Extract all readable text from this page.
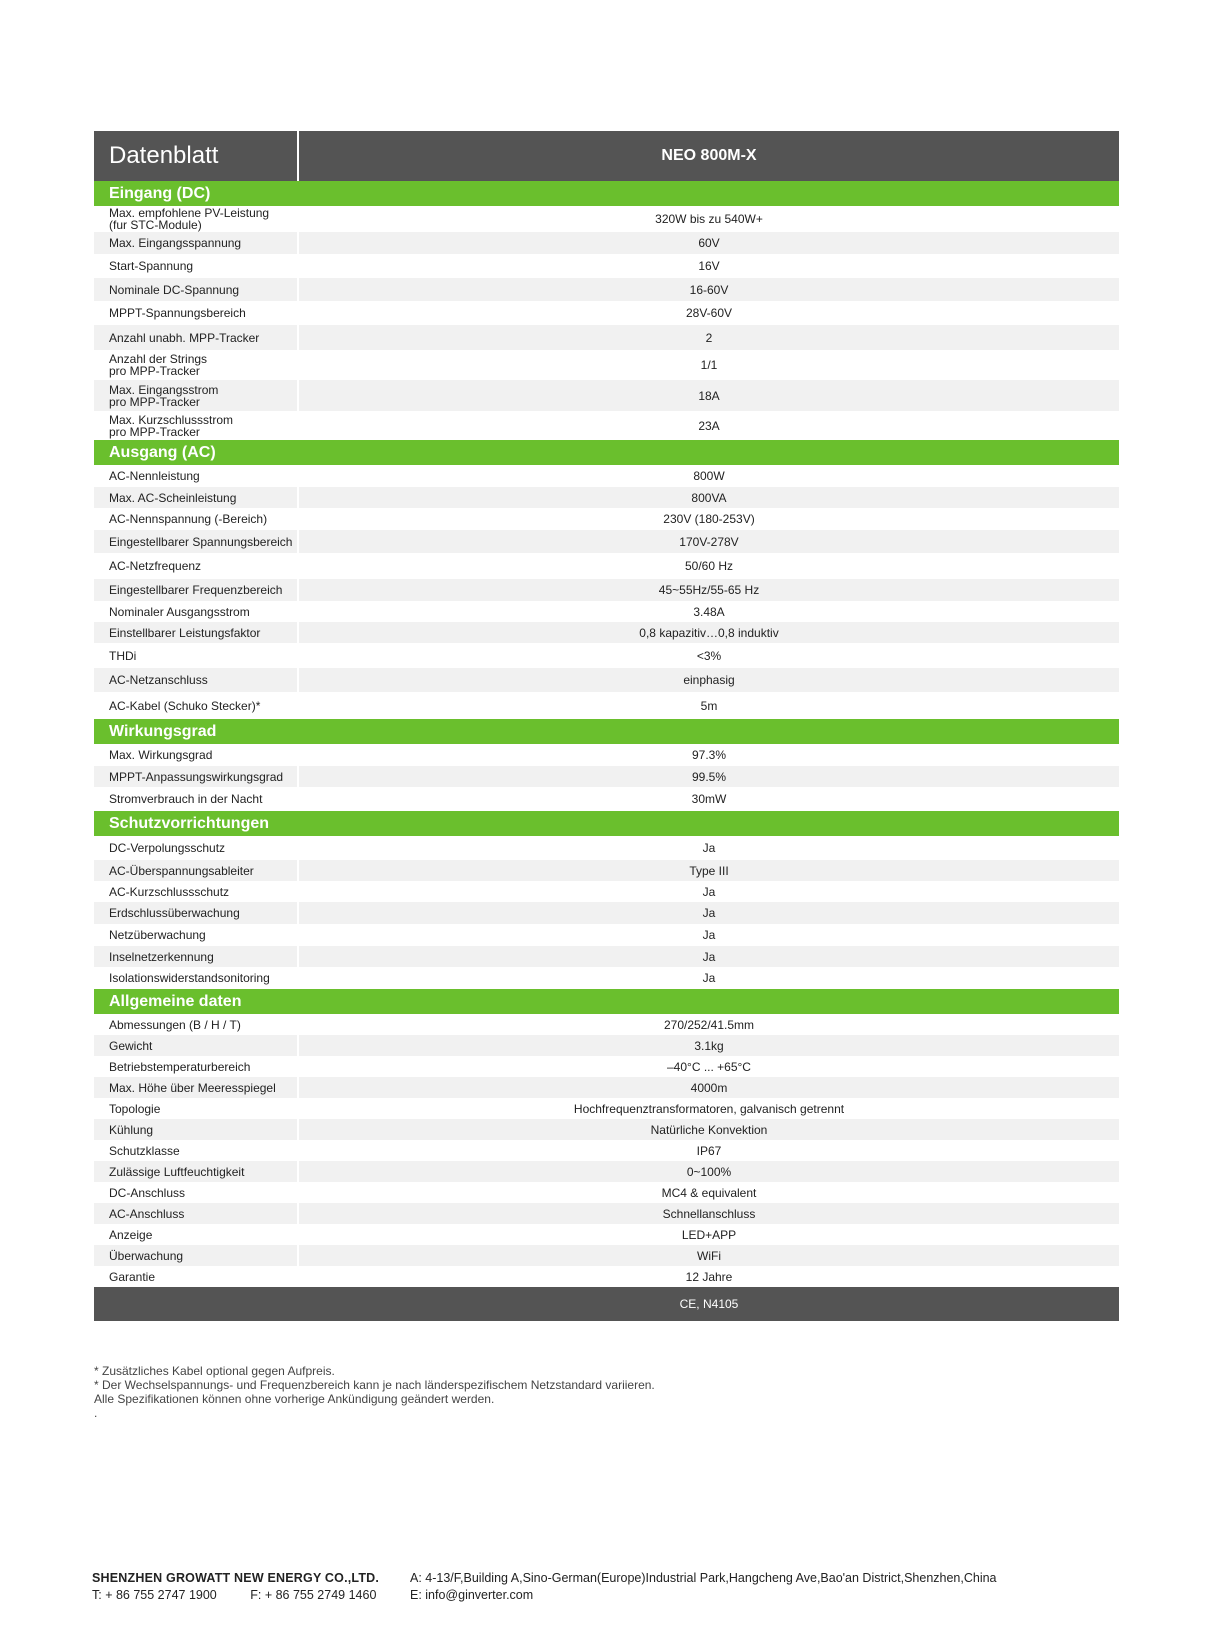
Datenblatt	NEO 800M-X
Eingang (DC)
Max. empfohlene PV-Leistung
(fur STC-Module)	320W bis zu 540W+
Max. Eingangsspannung	60V
Start-Spannung	16V
Nominale DC-Spannung	16-60V
MPPT-Spannungsbereich	28V-60V
Anzahl unabh. MPP-Tracker	2
Anzahl der Strings
pro MPP-Tracker	1/1
Max. Eingangsstrom
pro MPP-Tracker	18A
Max. Kurzschlussstrom
pro MPP-Tracker	23A
Ausgang (AC)
AC-Nennleistung	800W
Max. AC-Scheinleistung	800VA
AC-Nennspannung (-Bereich)	230V (180-253V)
Eingestellbarer Spannungsbereich	170V-278V
AC-Netzfrequenz	50/60 Hz
Eingestellbarer Frequenzbereich	45~55Hz/55-65 Hz
Nominaler Ausgangsstrom	3.48A
Einstellbarer Leistungsfaktor	0,8 kapazitiv…0,8 induktiv
THDi	<3%
AC-Netzanschluss	einphasig
AC-Kabel (Schuko Stecker)*	5m
Wirkungsgrad
Max. Wirkungsgrad	97.3%
MPPT-Anpassungswirkungsgrad	99.5%
Stromverbrauch in der Nacht	30mW
Schutzvorrichtungen
DC-Verpolungsschutz	Ja
AC-Überspannungsableiter	Type III
AC-Kurzschlussschutz	Ja
Erdschlussüberwachung	Ja
Netzüberwachung	Ja
Inselnetzerkennung	Ja
Isolationswiderstandsonitoring	Ja
Allgemeine daten
Abmessungen (B / H / T)	270/252/41.5mm
Gewicht	3.1kg
Betriebstemperaturbereich	–40°C ... +65°C
Max. Höhe über Meeresspiegel	4000m
Topologie	Hochfrequenztransformatoren, galvanisch getrennt
Kühlung	Natürliche Konvektion
Schutzklasse	IP67
Zulässige Luftfeuchtigkeit	0~100%
DC-Anschluss	MC4 & equivalent
AC-Anschluss	Schnellanschluss
Anzeige	LED+APP
Überwachung	WiFi
Garantie	12 Jahre
CE, N4105
* Zusätzliches Kabel optional gegen Aufpreis.
* Der Wechselspannungs- und Frequenzbereich kann je nach länderspezifischem Netzstandard variieren.
Alle Spezifikationen können ohne vorherige Ankündigung geändert werden.
.
SHENZHEN GROWATT NEW ENERGY CO.,LTD.
T: + 86 755 2747 1900	F: + 86 755 2749 1460
A: 4-13/F,Building A,Sino-German(Europe)Industrial Park,Hangcheng Ave,Bao'an District,Shenzhen,China
E: info@ginverter.com
